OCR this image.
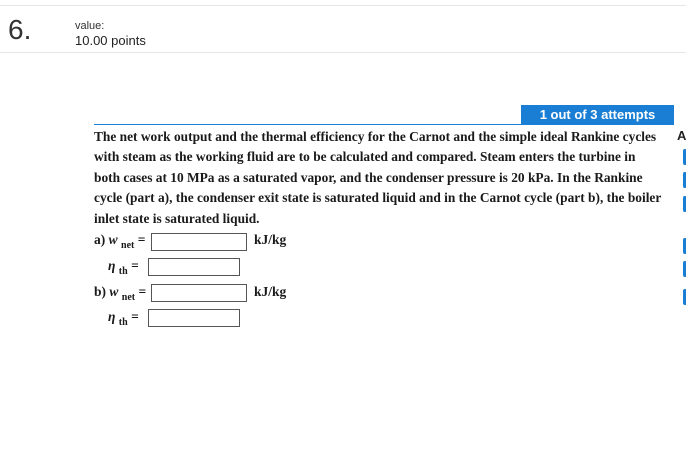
6.	value:
10.00 points
1 out of 3 attempts
The net work output and the thermal efficiency for the Carnot and the simple ideal Rankine cycles with steam as the working fluid are to be calculated and compared. Steam enters the turbine in both cases at 10 MPa as a saturated vapor, and the condenser pressure is 20 kPa. In the Rankine cycle (part a), the condenser exit state is saturated liquid and in the Carnot cycle (part b), the boiler inlet state is saturated liquid.
a) w $_{net}$ =	kJ/kg
η $_{th}$ =
b) w $_{net}$ =	kJ/kg
η $_{th}$ =
A
